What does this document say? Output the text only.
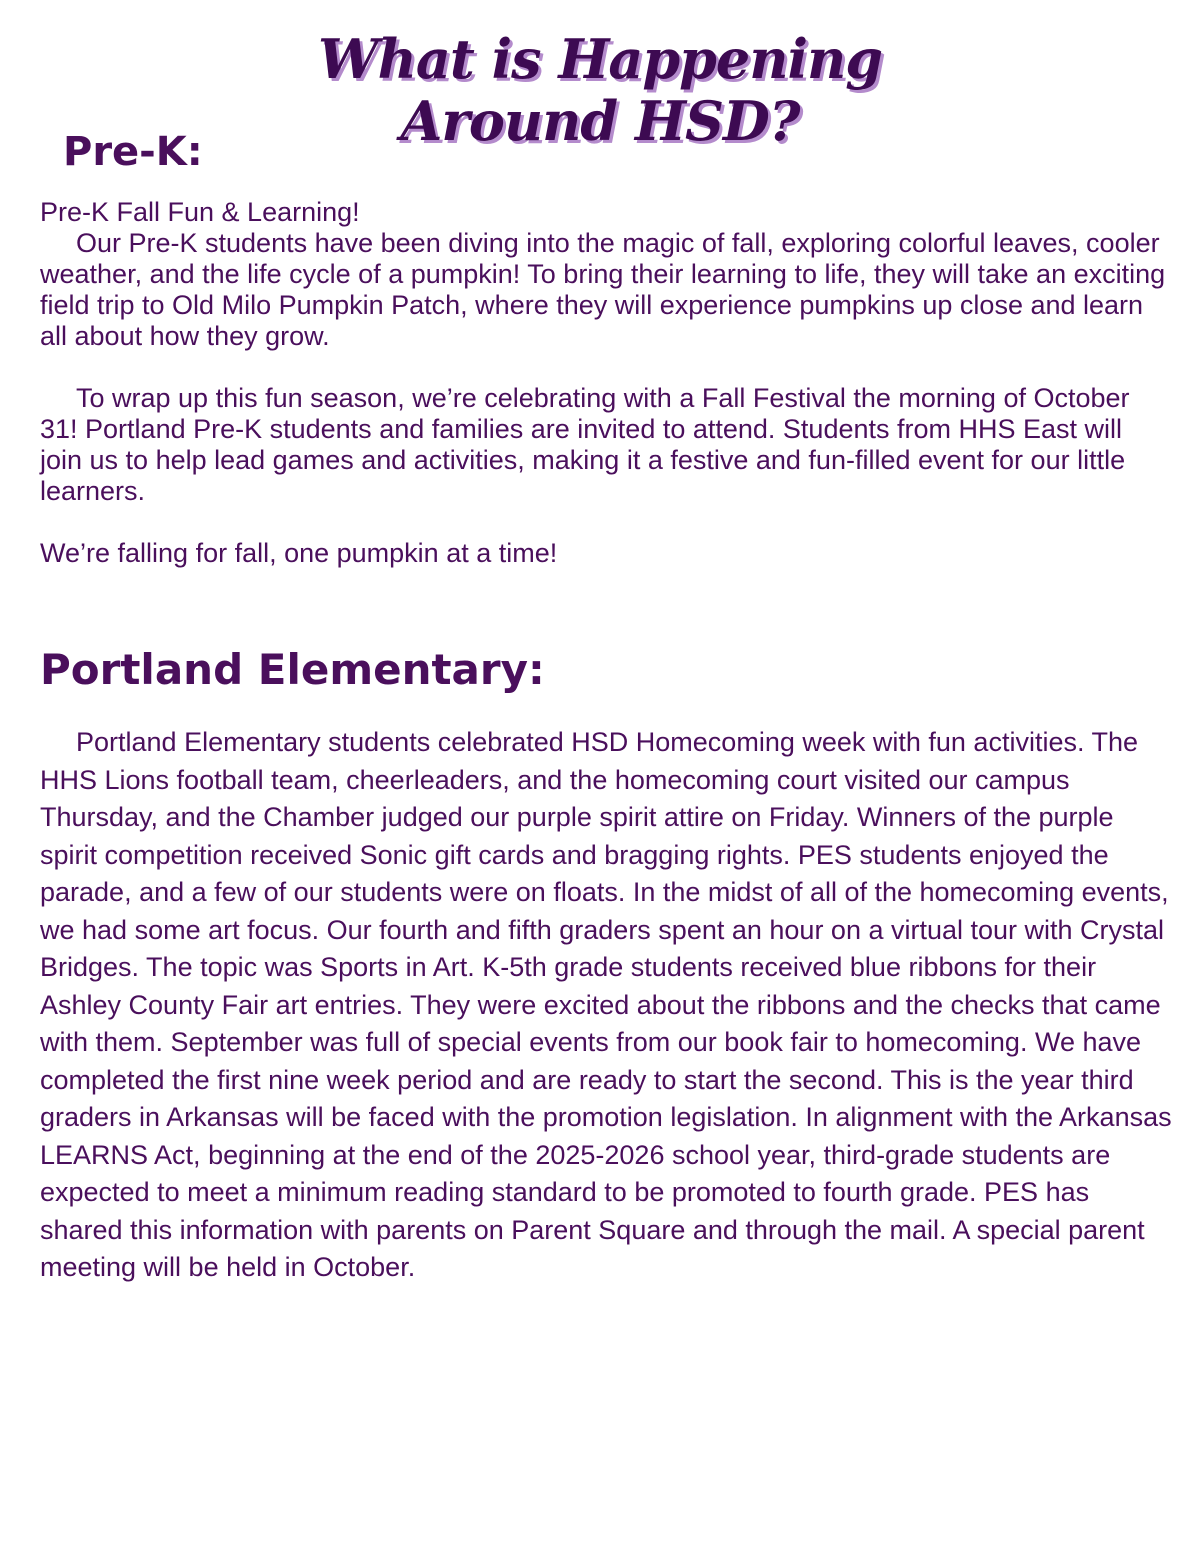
What is Happening
Around HSD?
Pre-K:

Pre-K Fall Fun & Learning!

Our Pre-K students have been diving into the magic of fall, exploring colorful leaves, cooler weather, and the life cycle of a pumpkin! To bring their learning to life, they will take an exciting field trip to Old Milo Pumpkin Patch, where they will experience pumpkins up close and learn all about how they grow.

To wrap up this fun season, we’re celebrating with a Fall Festival the morning of October 31! Portland Pre-K students and families are invited to attend. Students from HHS East will join us to help lead games and activities, making it a festive and fun-filled event for our little learners.

We’re falling for fall, one pumpkin at a time!

Portland Elementary:

Portland Elementary students celebrated HSD Homecoming week with fun activities. The HHS Lions football team, cheerleaders, and the homecoming court visited our campus Thursday, and the Chamber judged our purple spirit attire on Friday. Winners of the purple spirit competition received Sonic gift cards and bragging rights. PES students enjoyed the parade, and a few of our students were on floats. In the midst of all of the homecoming events, we had some art focus. Our fourth and fifth graders spent an hour on a virtual tour with Crystal Bridges. The topic was Sports in Art. K-5th grade students received blue ribbons for their Ashley County Fair art entries. They were excited about the ribbons and the checks that came with them. September was full of special events from our book fair to homecoming. We have completed the first nine week period and are ready to start the second. This is the year third graders in Arkansas will be faced with the promotion legislation. In alignment with the Arkansas LEARNS Act, beginning at the end of the 2025-2026 school year, third-grade students are expected to meet a minimum reading standard to be promoted to fourth grade. PES has shared this information with parents on Parent Square and through the mail. A special parent meeting will be held in October.
